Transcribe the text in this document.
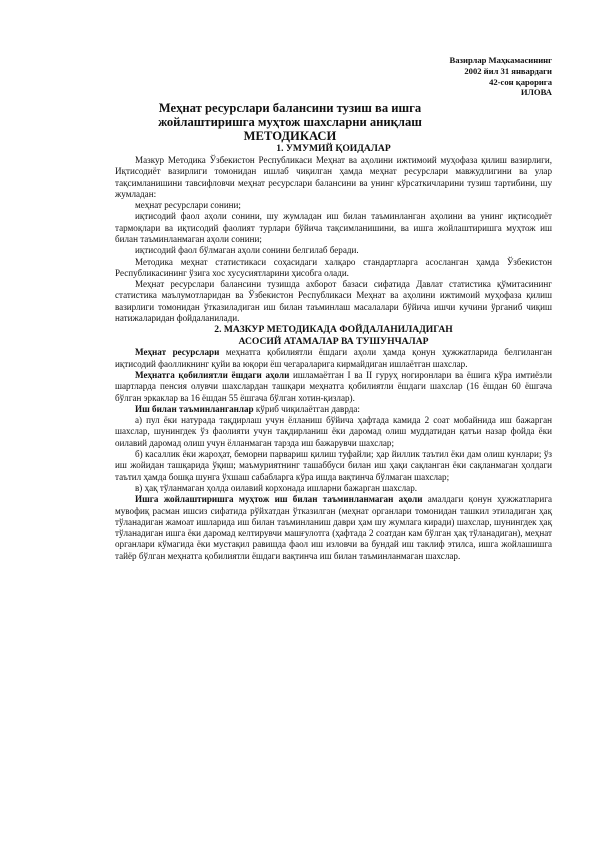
Вазирлар Маҳкамасининг
2002 йил 31 январдаги
42-сон қарорига
ИЛОВА
Меҳнат ресурслари балансини тузиш ва ишга
жойлаштиришга муҳтож шахсларни аниқлаш
МЕТОДИКАСИ
1. УМУМИЙ ҚОИДАЛАР

Мазкур Методика Ўзбекистон Республикаси Меҳнат ва аҳолини ижтимоий муҳофаза қилиш вазирлиги, Иқтисодиёт вазирлиги томонидан ишлаб чиқилган ҳамда меҳнат ресурслари мавжудлигини ва улар тақсимланишини тавсифловчи меҳнат ресурслари балансини ва унинг кўрсаткичларини тузиш тартибини, шу жумладан:

меҳнат ресурслари сонини;

иқтисодий фаол аҳоли сонини, шу жумладан иш билан таъминланган аҳолини ва унинг иқтисодиёт тармоқлари ва иқтисодий фаолият турлари бўйича тақсимланишини, ва ишга жойлаштиришга муҳтож иш билан таъминланмаган аҳоли сонини;

иқтисодий фаол бўлмаган аҳоли сонини белгилаб беради.

Методика меҳнат статистикаси соҳасидаги халқаро стандартларга асосланган ҳамда Ўзбекистон Республикасининг ўзига хос хусусиятларини ҳисобга олади.

Меҳнат ресурслари балансини тузишда ахборот базаси сифатида Давлат статистика қўмитасининг статистика маълумотларидан ва Ўзбекистон Республикаси Меҳнат ва аҳолини ижтимоий муҳофаза қилиш вазирлиги томонидан ўтказиладиган иш билан таъминлаш масалалари бўйича ишчи кучини ўрганиб чиқиш натижаларидан фойдаланилади.

2. МАЗКУР МЕТОДИКАДА ФОЙДАЛАНИЛАДИГАН
АСОСИЙ АТАМАЛАР ВА ТУШУНЧАЛАР

Меҳнат ресурслари меҳнатга қобилиятли ёшдаги аҳоли ҳамда қонун ҳужжатларида белгиланган иқтисодий фаолликнинг қуйи ва юқори ёш чегараларига кирмайдиган ишлаётган шахслар.

Меҳнатга қобилиятли ёшдаги аҳоли ишламаётган I ва II гуруҳ ногиронлари ва ёшига кўра имтиёзли шартларда пенсия олувчи шахслардан ташқари меҳнатга қобилиятли ёшдаги шахслар (16 ёшдан 60 ёшгача бўлган эркаклар ва 16 ёшдан 55 ёшгача бўлган хотин-қизлар).

Иш билан таъминланганлар кўриб чиқилаётган даврда:

а) пул ёки натурада тақдирлаш учун ёлланиш бўйича ҳафтада камида 2 соат мобайнида иш бажарган шахслар, шунингдек ўз фаолияти учун тақдирланиш ёки даромад олиш муддатидан қатъи назар фойда ёки оилавий даромад олиш учун ёлланмаган тарзда иш бажарувчи шахслар;

б) касаллик ёки жароҳат, беморни парвариш қилиш туфайли; ҳар йиллик таътил ёки дам олиш кунлари; ўз иш жойидан ташқарида ўқиш; маъмуриятнинг ташаббуси билан иш ҳақи сақланган ёки сақланмаган ҳолдаги таътил ҳамда бошқа шунга ўхшаш сабабларга кўра ишда вақтинча бўлмаган шахслар;

в) ҳақ тўланмаган ҳолда оилавий корхонада ишларни бажарган шахслар.

Ишга жойлаштиришга муҳтож иш билан таъминланмаган аҳоли амалдаги қонун ҳужжатларига мувофиқ расман ишсиз сифатида рўйхатдан ўтказилган (меҳнат органлари томонидан ташкил этиладиган ҳақ тўланадиган жамоат ишларида иш билан таъминланиш даври ҳам шу жумлага киради) шахслар, шунингдек ҳақ тўланадиган ишга ёки даромад келтирувчи машғулотга (ҳафтада 2 соатдан кам бўлган ҳақ тўланадиган), меҳнат органлари кўмагида ёки мустақил равишда фаол иш изловчи ва бундай иш таклиф этилса, ишга жойлашишга тайёр бўлган меҳнатга қобилиятли ёшдаги вақтинча иш билан таъминланмаган шахслар.
